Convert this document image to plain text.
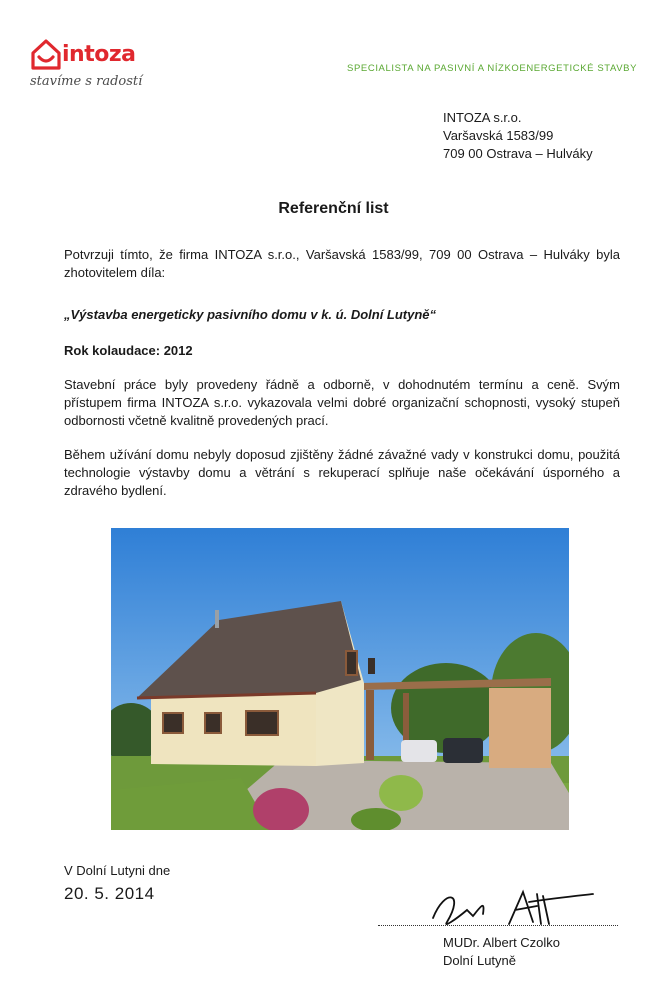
intoza
stavíme s radostí
SPECIALISTA NA PASIVNÍ A NÍZKOENERGETICKÉ STAVBY
INTOZA s.r.o.
Varšavská 1583/99
709 00 Ostrava – Hulváky
Referenční list
Potvrzuji tímto, že firma INTOZA s.r.o., Varšavská 1583/99, 709 00 Ostrava – Hulváky byla zhotovitelem díla:
„Výstavba energeticky pasivního domu v k. ú. Dolní Lutyně“
Rok kolaudace: 2012
Stavební práce byly provedeny řádně a odborně, v dohodnutém termínu a ceně. Svým přístupem firma INTOZA s.r.o. vykazovala velmi dobré organizační schopnosti, vysoký stupeň odbornosti včetně kvalitně provedených prací.
Během užívání domu nebyly doposud zjištěny žádné závažné vady v konstrukci domu, použitá technologie výstavby domu a větrání s rekuperací splňuje naše očekávání úsporného a zdravého bydlení.
V Dolní Lutyni dne
20. 5. 2014
MUDr. Albert Czolko
Dolní Lutyně
